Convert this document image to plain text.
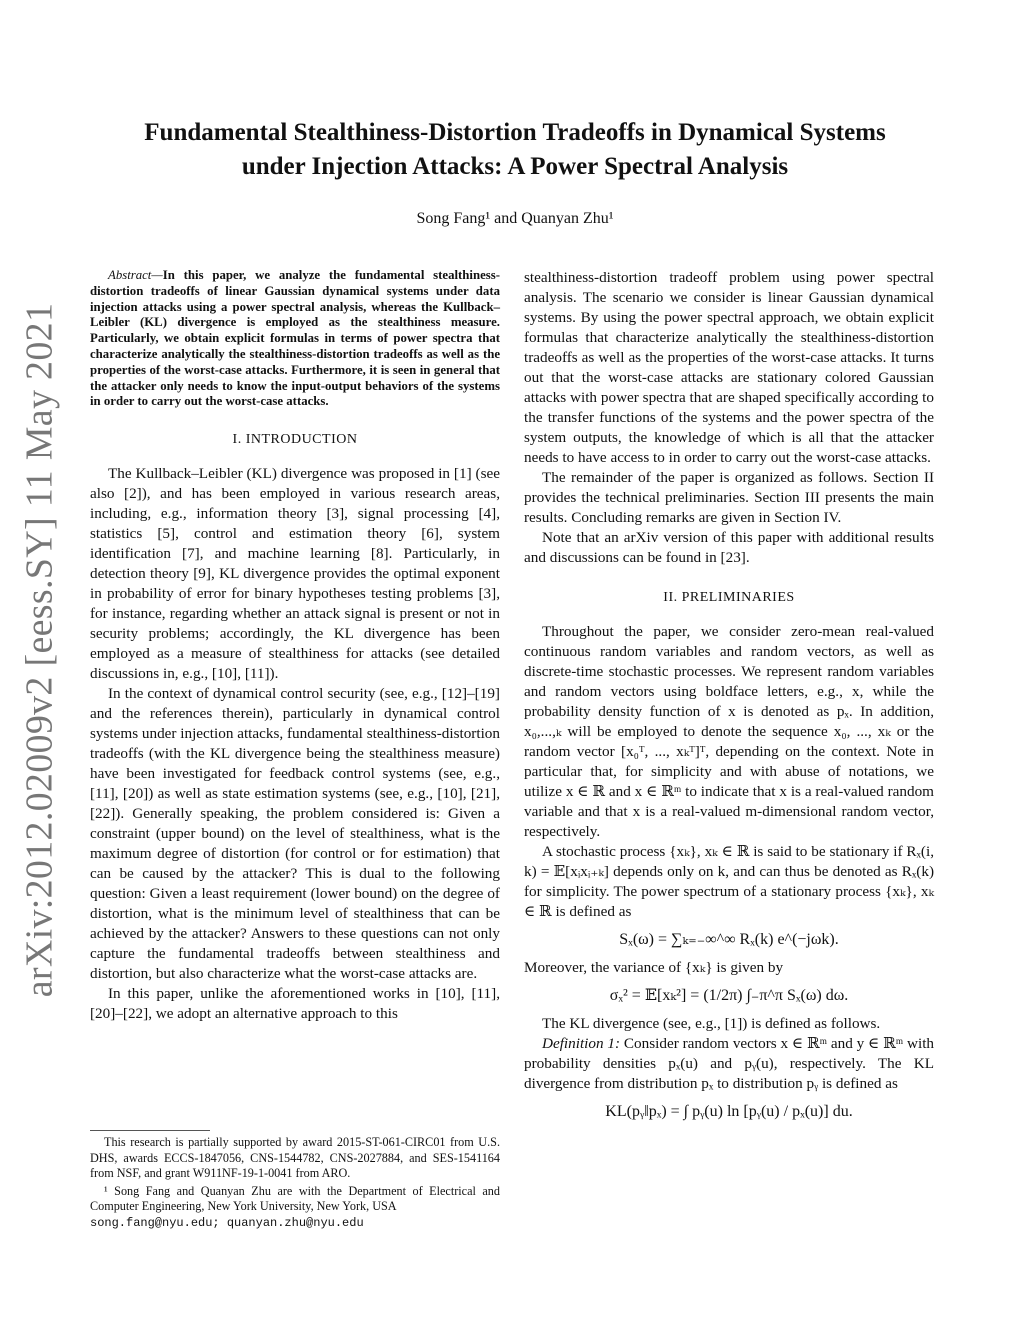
arXiv:2012.02009v2 [eess.SY] 11 May 2021
Fundamental Stealthiness-Distortion Tradeoffs in Dynamical Systems
under Injection Attacks: A Power Spectral Analysis
Song Fang¹ and Quanyan Zhu¹

Abstract—In this paper, we analyze the fundamental stealthiness-distortion tradeoffs of linear Gaussian dynamical systems under data injection attacks using a power spectral analysis, whereas the Kullback–Leibler (KL) divergence is employed as the stealthiness measure. Particularly, we obtain explicit formulas in terms of power spectra that characterize analytically the stealthiness-distortion tradeoffs as well as the properties of the worst-case attacks. Furthermore, it is seen in general that the attacker only needs to know the input-output behaviors of the systems in order to carry out the worst-case attacks.

I. INTRODUCTION

The Kullback–Leibler (KL) divergence was proposed in [1] (see also [2]), and has been employed in various research areas, including, e.g., information theory [3], signal processing [4], statistics [5], control and estimation theory [6], system identification [7], and machine learning [8]. Particularly, in detection theory [9], KL divergence provides the optimal exponent in probability of error for binary hypotheses testing problems [3], for instance, regarding whether an attack signal is present or not in security problems; accordingly, the KL divergence has been employed as a measure of stealthiness for attacks (see detailed discussions in, e.g., [10], [11]).

In the context of dynamical control security (see, e.g., [12]–[19] and the references therein), particularly in dynamical control systems under injection attacks, fundamental stealthiness-distortion tradeoffs (with the KL divergence being the stealthiness measure) have been investigated for feedback control systems (see, e.g., [11], [20]) as well as state estimation systems (see, e.g., [10], [21], [22]). Generally speaking, the problem considered is: Given a constraint (upper bound) on the level of stealthiness, what is the maximum degree of distortion (for control or for estimation) that can be caused by the attacker? This is dual to the following question: Given a least requirement (lower bound) on the degree of distortion, what is the minimum level of stealthiness that can be achieved by the attacker? Answers to these questions can not only capture the fundamental tradeoffs between stealthiness and distortion, but also characterize what the worst-case attacks are.

In this paper, unlike the aforementioned works in [10], [11], [20]–[22], we adopt an alternative approach to this

This research is partially supported by award 2015-ST-061-CIRC01 from U.S. DHS, awards ECCS-1847056, CNS-1544782, CNS-2027884, and SES-1541164 from NSF, and grant W911NF-19-1-0041 from ARO.

¹ Song Fang and Quanyan Zhu are with the Department of Electrical and Computer Engineering, New York University, New York, USA
song.fang@nyu.edu; quanyan.zhu@nyu.edu

stealthiness-distortion tradeoff problem using power spectral analysis. The scenario we consider is linear Gaussian dynamical systems. By using the power spectral approach, we obtain explicit formulas that characterize analytically the stealthiness-distortion tradeoffs as well as the properties of the worst-case attacks. It turns out that the worst-case attacks are stationary colored Gaussian attacks with power spectra that are shaped specifically according to the transfer functions of the systems and the power spectra of the system outputs, the knowledge of which is all that the attacker needs to have access to in order to carry out the worst-case attacks.

The remainder of the paper is organized as follows. Section II provides the technical preliminaries. Section III presents the main results. Concluding remarks are given in Section IV.

Note that an arXiv version of this paper with additional results and discussions can be found in [23].

II. PRELIMINARIES

Throughout the paper, we consider zero-mean real-valued continuous random variables and random vectors, as well as discrete-time stochastic processes. We represent random variables and random vectors using boldface letters, e.g., x, while the probability density function of x is denoted as pₓ. In addition, x₀,...,ₖ will be employed to denote the sequence x₀, ..., xₖ or the random vector [x₀ᵀ, ..., xₖᵀ]ᵀ, depending on the context. Note in particular that, for simplicity and with abuse of notations, we utilize x ∈ ℝ and x ∈ ℝᵐ to indicate that x is a real-valued random variable and that x is a real-valued m-dimensional random vector, respectively.

A stochastic process {xₖ}, xₖ ∈ ℝ is said to be stationary if Rₓ(i, k) = 𝔼[xᵢxᵢ₊ₖ] depends only on k, and can thus be denoted as Rₓ(k) for simplicity. The power spectrum of a stationary process {xₖ}, xₖ ∈ ℝ is defined as

Sₓ(ω) = ∑ₖ₌₋∞^∞ Rₓ(k) e^(−jωk).

Moreover, the variance of {xₖ} is given by

σₓ² = 𝔼[xₖ²] = (1/2π) ∫₋π^π Sₓ(ω) dω.

The KL divergence (see, e.g., [1]) is defined as follows.

Definition 1: Consider random vectors x ∈ ℝᵐ and y ∈ ℝᵐ with probability densities pₓ(u) and pᵧ(u), respectively. The KL divergence from distribution pₓ to distribution pᵧ is defined as

KL(pᵧ‖pₓ) = ∫ pᵧ(u) ln [pᵧ(u) / pₓ(u)] du.
